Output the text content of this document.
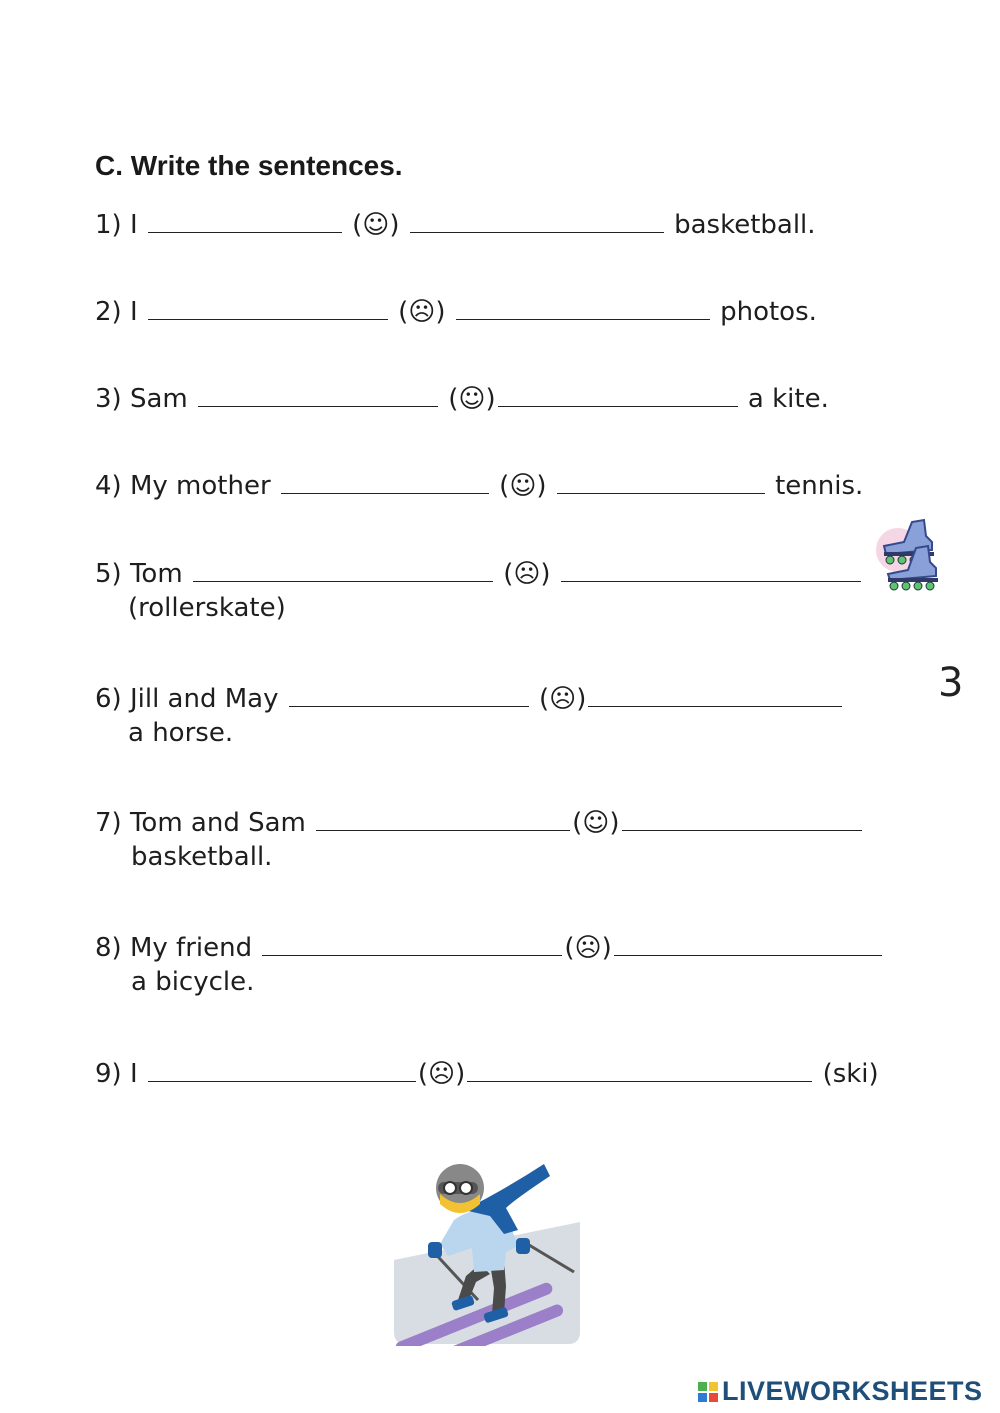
C. Write the sentences.
1) I	(☺)	basketball.
2) I	(☹)	photos.
3) Sam	(☺)	a kite.
4) My mother	(☺)	tennis.
5) Tom	(☹)
(rollerskate)
3
6) Jill and May	(☹)
a horse.
7) Tom and Sam	(☺)
basketball.
8) My friend	(☹)
a bicycle.
9) I	(☹)	(ski)
LIVEWORKSHEETS
